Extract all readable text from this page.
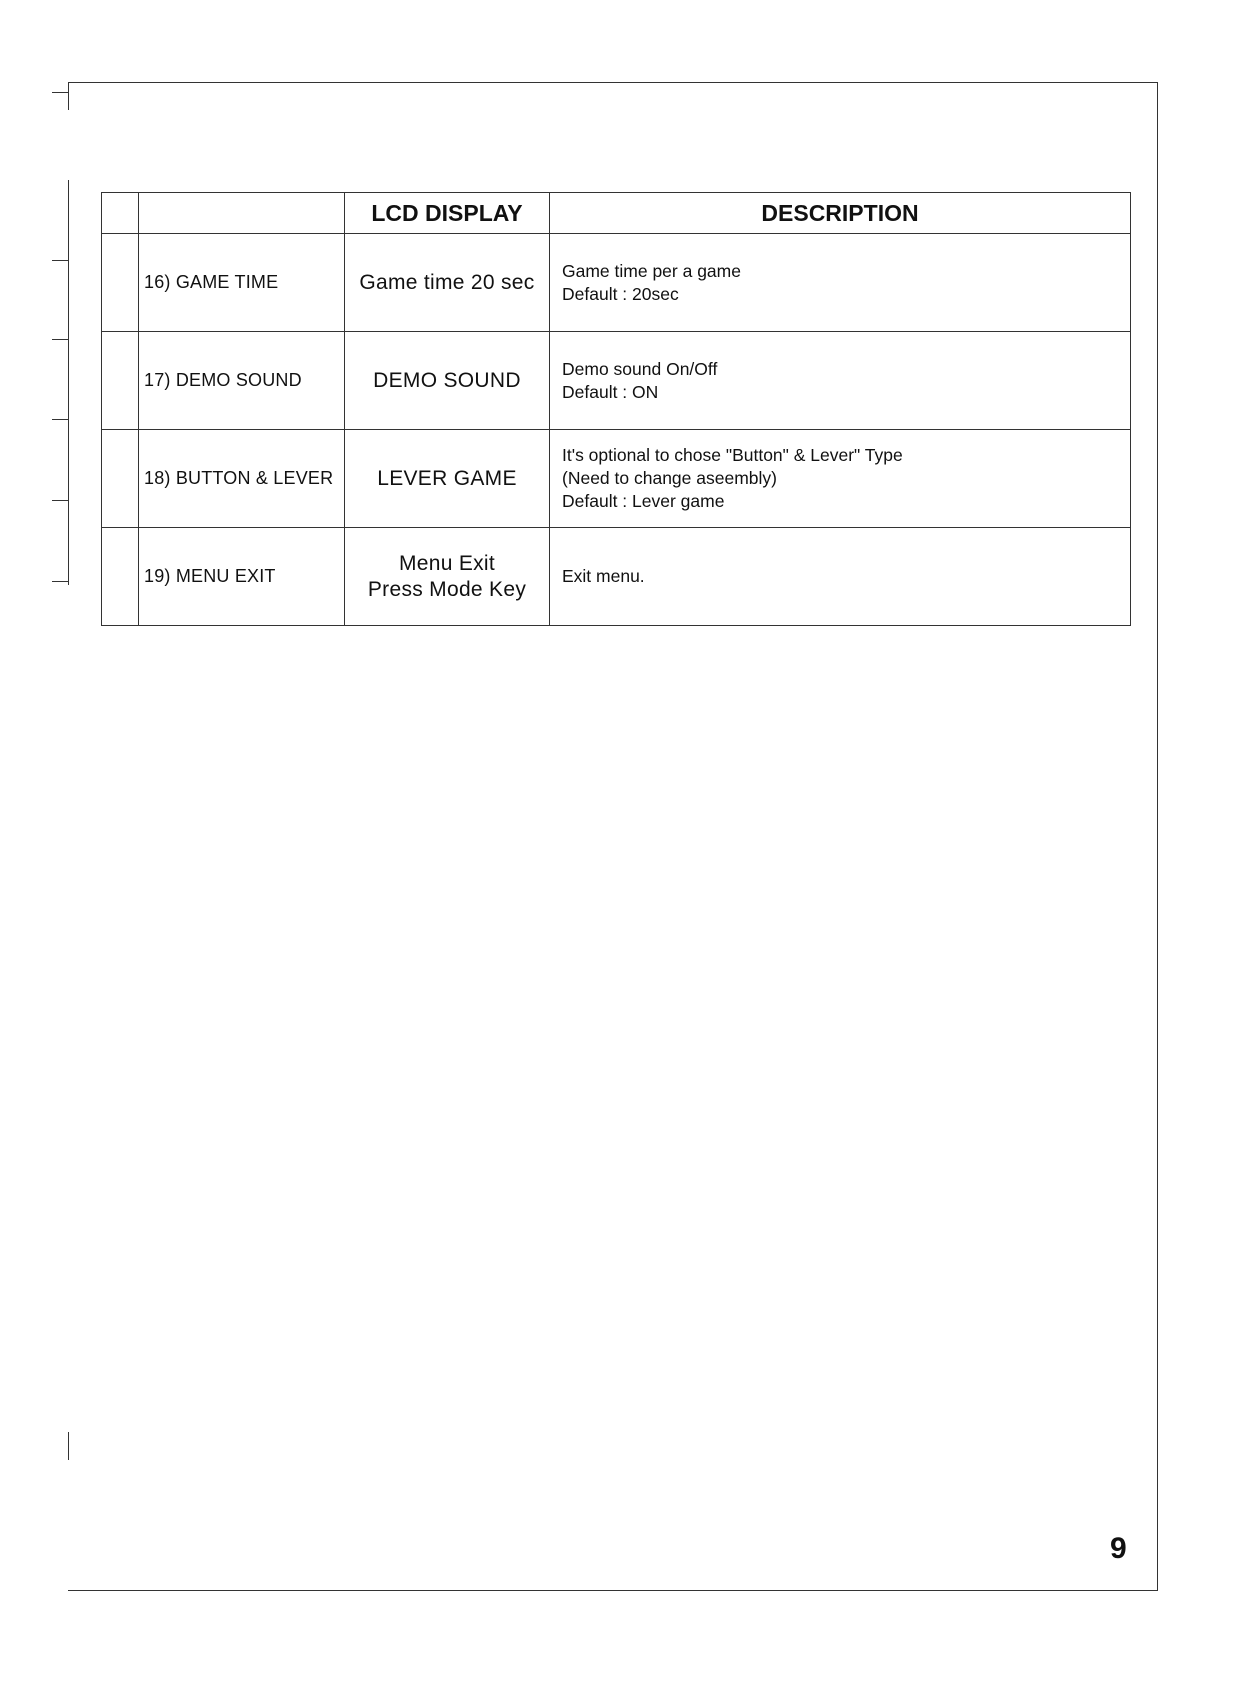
		LCD DISPLAY	DESCRIPTION
	16) GAME TIME	Game time 20 sec	Game time per a game
Default : 20sec

	17) DEMO SOUND	DEMO SOUND	Demo sound On/Off
Default : ON

	18) BUTTON & LEVER	LEVER GAME	It's optional to chose "Button" & Lever" Type
(Need to change aseembly)
Default : Lever game

	19) MENU EXIT	Menu Exit
Press Mode Key	Exit menu.
9
